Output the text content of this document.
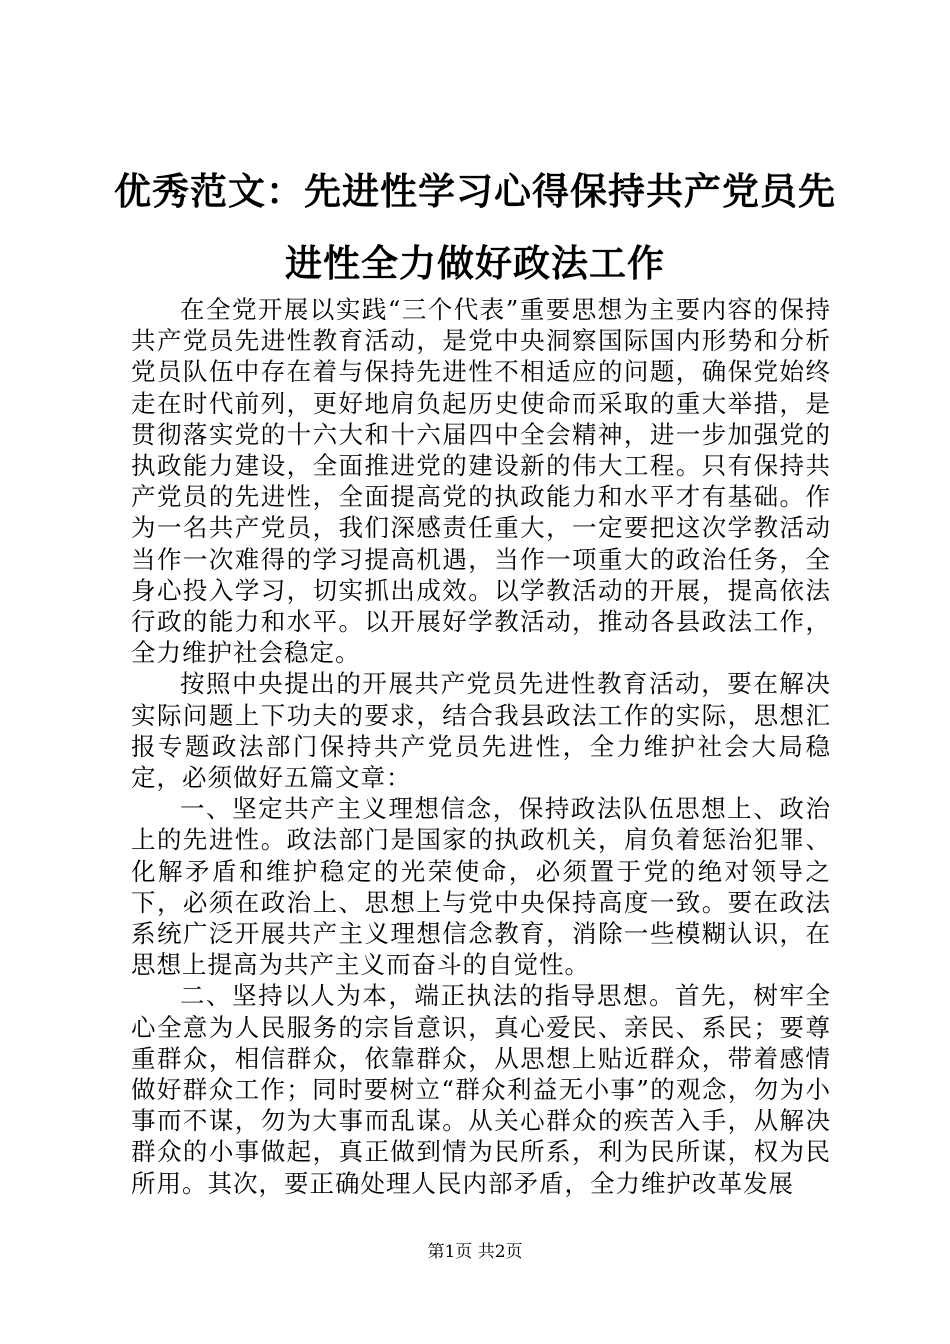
优秀范文：先进性学习心得保持共产党员先进性全力做好政法工作

在全党开展以实践“三个代表”重要思想为主要内容的保持共产党员先进性教育活动，是党中央洞察国际国内形势和分析党员队伍中存在着与保持先进性不相适应的问题，确保党始终走在时代前列，更好地肩负起历史使命而采取的重大举措，是贯彻落实党的十六大和十六届四中全会精神，进一步加强党的执政能力建设，全面推进党的建设新的伟大工程。只有保持共产党员的先进性，全面提高党的执政能力和水平才有基础。作为一名共产党员，我们深感责任重大，一定要把这次学教活动当作一次难得的学习提高机遇，当作一项重大的政治任务，全身心投入学习，切实抓出成效。以学教活动的开展，提高依法行政的能力和水平。以开展好学教活动，推动各县政法工作，全力维护社会稳定。

按照中央提出的开展共产党员先进性教育活动，要在解决实际问题上下功夫的要求，结合我县政法工作的实际，思想汇报专题政法部门保持共产党员先进性，全力维护社会大局稳定，必须做好五篇文章：

一、坚定共产主义理想信念，保持政法队伍思想上、政治上的先进性。政法部门是国家的执政机关，肩负着惩治犯罪、化解矛盾和维护稳定的光荣使命，必须置于党的绝对领导之下，必须在政治上、思想上与党中央保持高度一致。要在政法系统广泛开展共产主义理想信念教育，消除一些模糊认识，在思想上提高为共产主义而奋斗的自觉性。

二、坚持以人为本，端正执法的指导思想。首先，树牢全心全意为人民服务的宗旨意识，真心爱民、亲民、系民；要尊重群众，相信群众，依靠群众，从思想上贴近群众，带着感情做好群众工作；同时要树立“群众利益无小事”的观念，勿为小事而不谋，勿为大事而乱谋。从关心群众的疾苦入手，从解决群众的小事做起，真正做到情为民所系，利为民所谋，权为民所用。其次，要正确处理人民内部矛盾，全力维护改革发展

第1页 共2页
